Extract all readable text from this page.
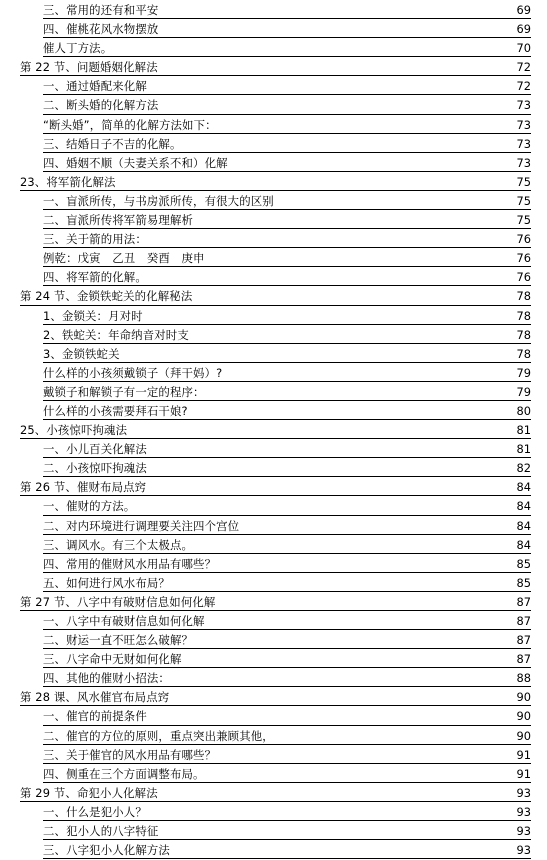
三、常用的还有和平安	69
四、催桃花风水物摆放	69
催人丁方法。	70
第 22 节、问题婚姻化解法	72
一、通过婚配来化解	72
二、断头婚的化解方法	73
“断头婚”，简单的化解方法如下：	73
三、结婚日子不吉的化解。	73
四、婚姻不顺（夫妻关系不和）化解	73
23、将军箭化解法	75
一、盲派所传，与书房派所传，有很大的区别	75
二、盲派所传将军箭易理解析	75
三、关于箭的用法：	76
例乾：戊寅　乙丑　癸酉　庚申	76
四、将军箭的化解。	76
第 24 节、金锁铁蛇关的化解秘法	78
1、金锁关：月对时	78
2、铁蛇关：年命纳音对时支	78
3、金锁铁蛇关	78
什么样的小孩须戴锁子（拜干妈）?	79
戴锁子和解锁子有一定的程序：	79
什么样的小孩需要拜石干娘?	80
25、小孩惊吓拘魂法	81
一、小儿百关化解法	81
二、小孩惊吓拘魂法	82
第 26 节、催财布局点窍	84
一、催财的方法。	84
二、对内环境进行调理要关注四个宫位	84
三、调风水。有三个太极点。	84
四、常用的催财风水用品有哪些？	85
五、如何进行风水布局？	85
第 27 节、八字中有破财信息如何化解	87
一、八字中有破财信息如何化解	87
二、财运一直不旺怎么破解？	87
三、八字命中无财如何化解	87
四、其他的催财小招法：	88
第 28 课、风水催官布局点窍	90
一、催官的前提条件	90
二、催官的方位的原则，重点突出兼顾其他，	90
三、关于催官的风水用品有哪些？	91
四、侧重在三个方面调整布局。	91
第 29 节、命犯小人化解法	93
一、什么是犯小人？	93
二、犯小人的八字特征	93
三、八字犯小人化解方法	93
